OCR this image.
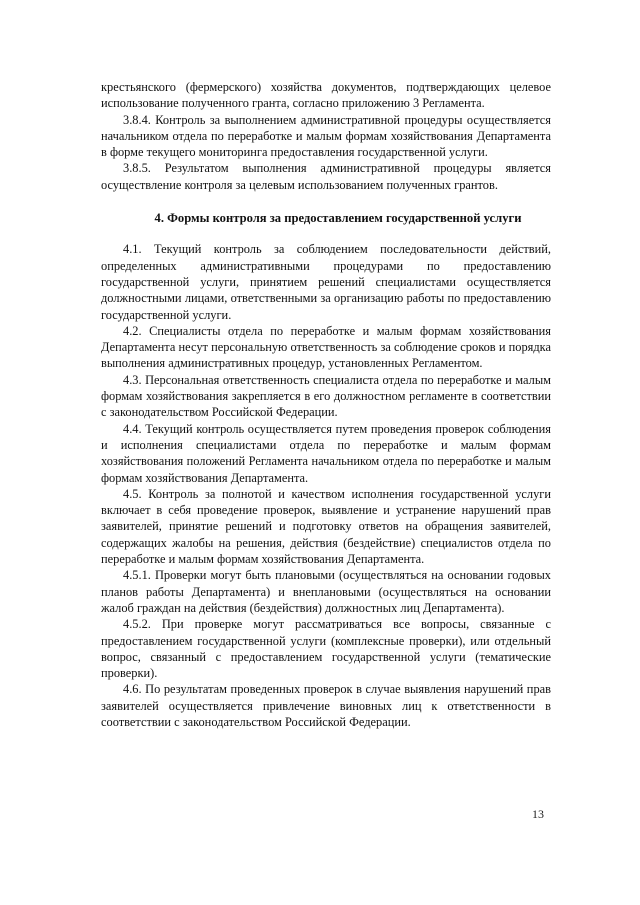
крестьянского (фермерского) хозяйства документов, подтверждающих целевое использование полученного гранта, согласно приложению 3 Регламента.

3.8.4. Контроль за выполнением административной процедуры осуществляется начальником отдела по переработке и малым формам хозяйствования Департамента в форме текущего мониторинга предоставления государственной услуги.

3.8.5. Результатом выполнения административной процедуры является осуществление контроля за целевым использованием полученных грантов.

4. Формы контроля за предоставлением государственной услуги

4.1. Текущий контроль за соблюдением последовательности действий, определенных административными процедурами по предоставлению государственной услуги, принятием решений специалистами осуществляется должностными лицами, ответственными за организацию работы по предоставлению государственной услуги.

4.2. Специалисты отдела по переработке и малым формам хозяйствования Департамента несут персональную ответственность за соблюдение сроков и порядка выполнения административных процедур, установленных Регламентом.

4.3. Персональная ответственность специалиста отдела по переработке и малым формам хозяйствования закрепляется в его должностном регламенте в соответствии с законодательством Российской Федерации.

4.4. Текущий контроль осуществляется путем проведения проверок соблюдения и исполнения специалистами отдела по переработке и малым формам хозяйствования положений Регламента начальником отдела по переработке и малым формам хозяйствования Департамента.

4.5. Контроль за полнотой и качеством исполнения государственной услуги включает в себя проведение проверок, выявление и устранение нарушений прав заявителей, принятие решений и подготовку ответов на обращения заявителей, содержащих жалобы на решения, действия (бездействие) специалистов отдела по переработке и малым формам хозяйствования Департамента.

4.5.1. Проверки могут быть плановыми (осуществляться на основании годовых планов работы Департамента) и внеплановыми (осуществляться на основании жалоб граждан на действия (бездействия) должностных лиц Департамента).

4.5.2. При проверке могут рассматриваться все вопросы, связанные с предоставлением государственной услуги (комплексные проверки), или отдельный вопрос, связанный с предоставлением государственной услуги (тематические проверки).

4.6. По результатам проведенных проверок в случае выявления нарушений прав заявителей осуществляется привлечение виновных лиц к ответственности в соответствии с законодательством Российской Федерации.

13
